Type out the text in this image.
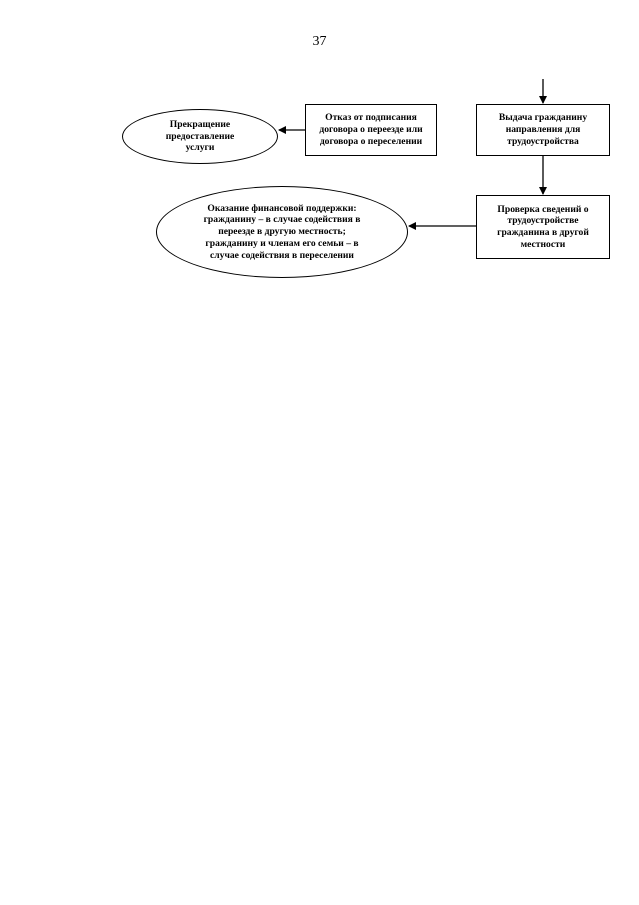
37
Выдача гражданину
направления для
трудоустройства
Отказ от подписания
договора о переезде или
договора о переселении
Прекращение
предоставление
услуги
Проверка сведений о
трудоустройстве
гражданина в другой
местности
Оказание финансовой поддержки:
гражданину – в случае содействия в
переезде в другую местность;
гражданину и членам его семьи – в
случае содействия в переселении
